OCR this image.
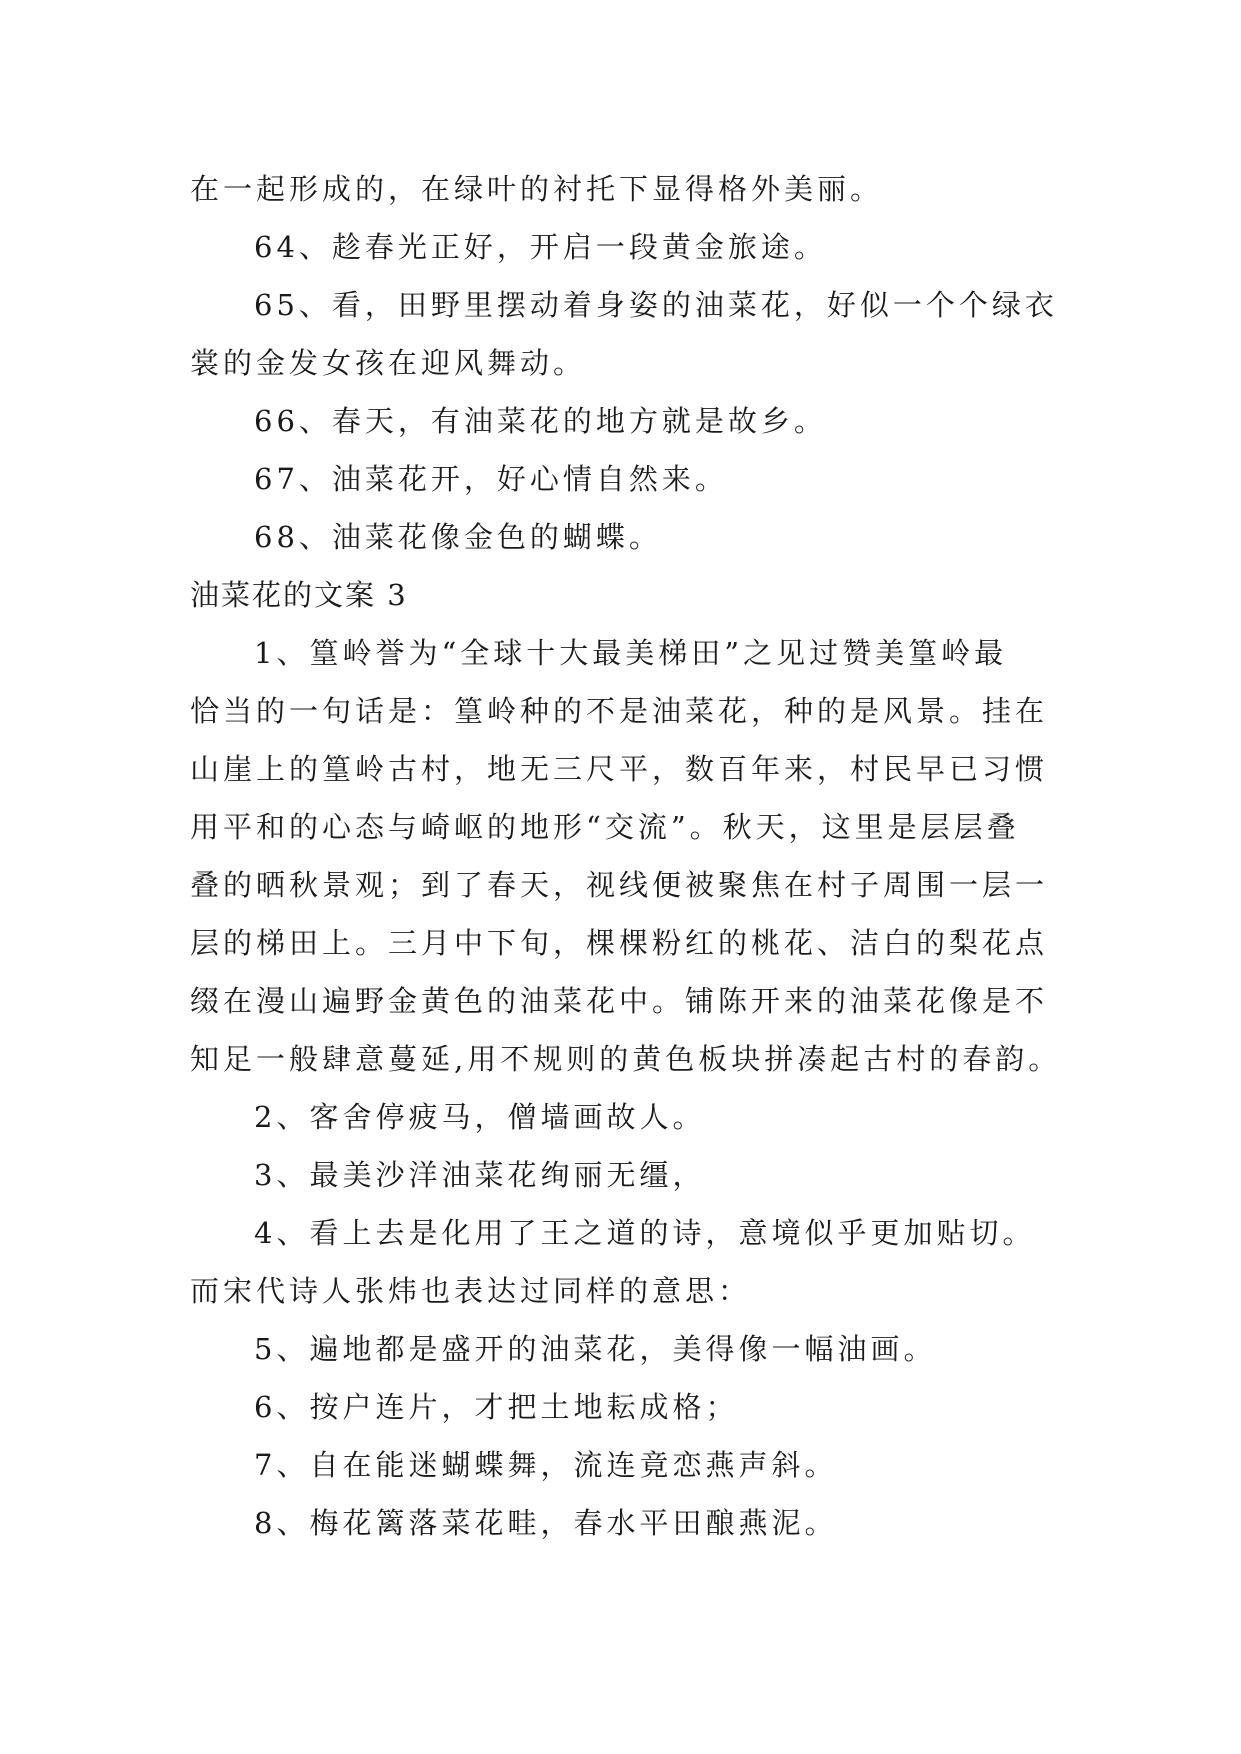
在一起形成的，在绿叶的衬托下显得格外美丽。
64、趁春光正好，开启一段黄金旅途。
65、看，田野里摆动着身姿的油菜花，好似一个个绿衣
裳的金发女孩在迎风舞动。
66、春天，有油菜花的地方就是故乡。
67、油菜花开，好心情自然来。
68、油菜花像金色的蝴蝶。
油菜花的文案 3
1、篁岭誉为“全球十大最美梯田”之见过赞美篁岭最
恰当的一句话是：篁岭种的不是油菜花，种的是风景。挂在
山崖上的篁岭古村，地无三尺平，数百年来，村民早已习惯
用平和的心态与崎岖的地形“交流”。秋天，这里是层层叠
叠的晒秋景观；到了春天，视线便被聚焦在村子周围一层一
层的梯田上。三月中下旬，棵棵粉红的桃花、洁白的梨花点
缀在漫山遍野金黄色的油菜花中。铺陈开来的油菜花像是不
知足一般肆意蔓延,用不规则的黄色板块拼凑起古村的春韵。
2、客舍停疲马，僧墙画故人。
3、最美沙洋油菜花绚丽无缰，
4、看上去是化用了王之道的诗，意境似乎更加贴切。
而宋代诗人张炜也表达过同样的意思：
5、遍地都是盛开的油菜花，美得像一幅油画。
6、按户连片，才把土地耘成格；
7、自在能迷蝴蝶舞，流连竟恋燕声斜。
8、梅花篱落菜花畦，春水平田酿燕泥。
